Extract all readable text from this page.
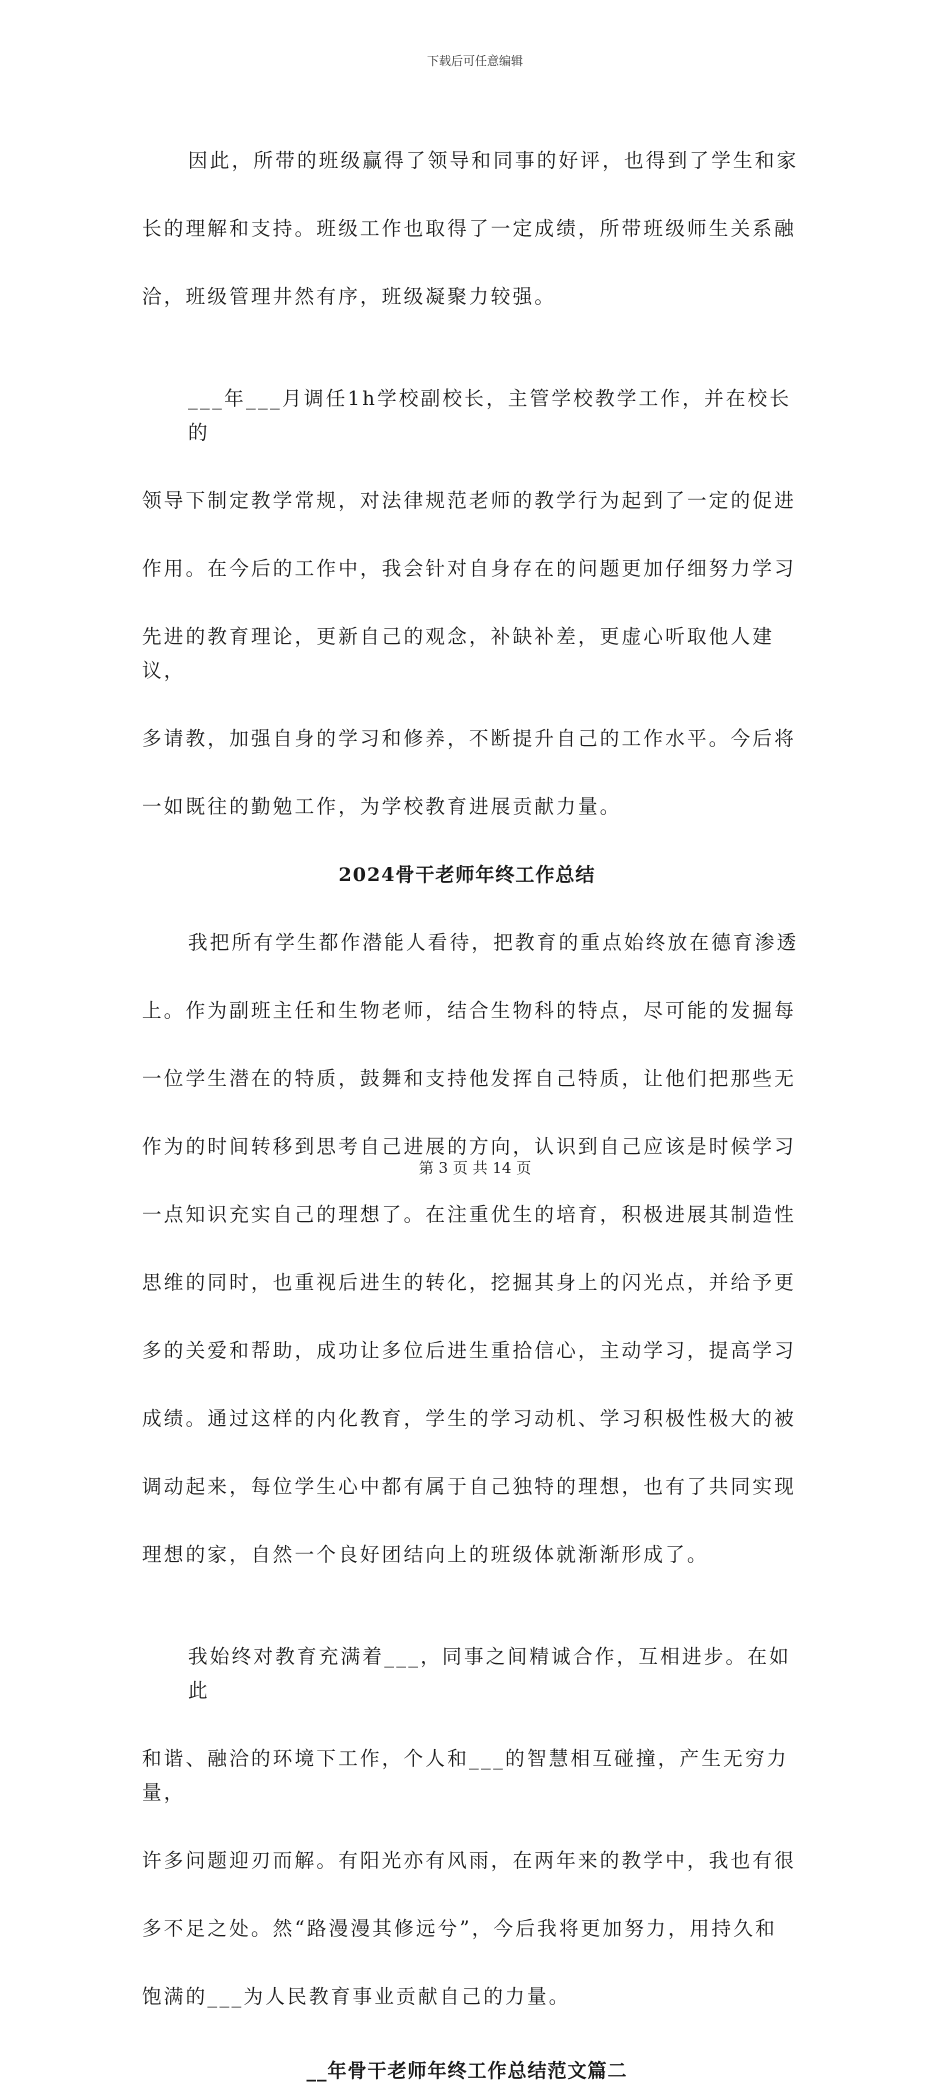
下载后可任意编辑

因此，所带的班级赢得了领导和同事的好评，也得到了学生和家

长的理解和支持。班级工作也取得了一定成绩，所带班级师生关系融

洽，班级管理井然有序，班级凝聚力较强。

___年___月调任1h学校副校长，主管学校教学工作，并在校长的

领导下制定教学常规，对法律规范老师的教学行为起到了一定的促进

作用。在今后的工作中，我会针对自身存在的问题更加仔细努力学习

先进的教育理论，更新自己的观念，补缺补差，更虚心听取他人建议，

多请教，加强自身的学习和修养，不断提升自己的工作水平。今后将

一如既往的勤勉工作，为学校教育进展贡献力量。

2024骨干老师年终工作总结

我把所有学生都作潜能人看待，把教育的重点始终放在德育渗透

上。作为副班主任和生物老师，结合生物科的特点，尽可能的发掘每

一位学生潜在的特质，鼓舞和支持他发挥自己特质，让他们把那些无

作为的时间转移到思考自己进展的方向，认识到自己应该是时候学习

一点知识充实自己的理想了。在注重优生的培育，积极进展其制造性

思维的同时，也重视后进生的转化，挖掘其身上的闪光点，并给予更

多的关爱和帮助，成功让多位后进生重拾信心，主动学习，提高学习

成绩。通过这样的内化教育，学生的学习动机、学习积极性极大的被

调动起来，每位学生心中都有属于自己独特的理想，也有了共同实现

理想的家，自然一个良好团结向上的班级体就渐渐形成了。

我始终对教育充满着___，同事之间精诚合作，互相进步。在如此

和谐、融洽的环境下工作，个人和___的智慧相互碰撞，产生无穷力量，

许多问题迎刃而解。有阳光亦有风雨，在两年来的教学中，我也有很

多不足之处。然“路漫漫其修远兮”，今后我将更加努力，用持久和

饱满的___为人民教育事业贡献自己的力量。

__年骨干老师年终工作总结范文篇二
第 3 页 共 14 页
